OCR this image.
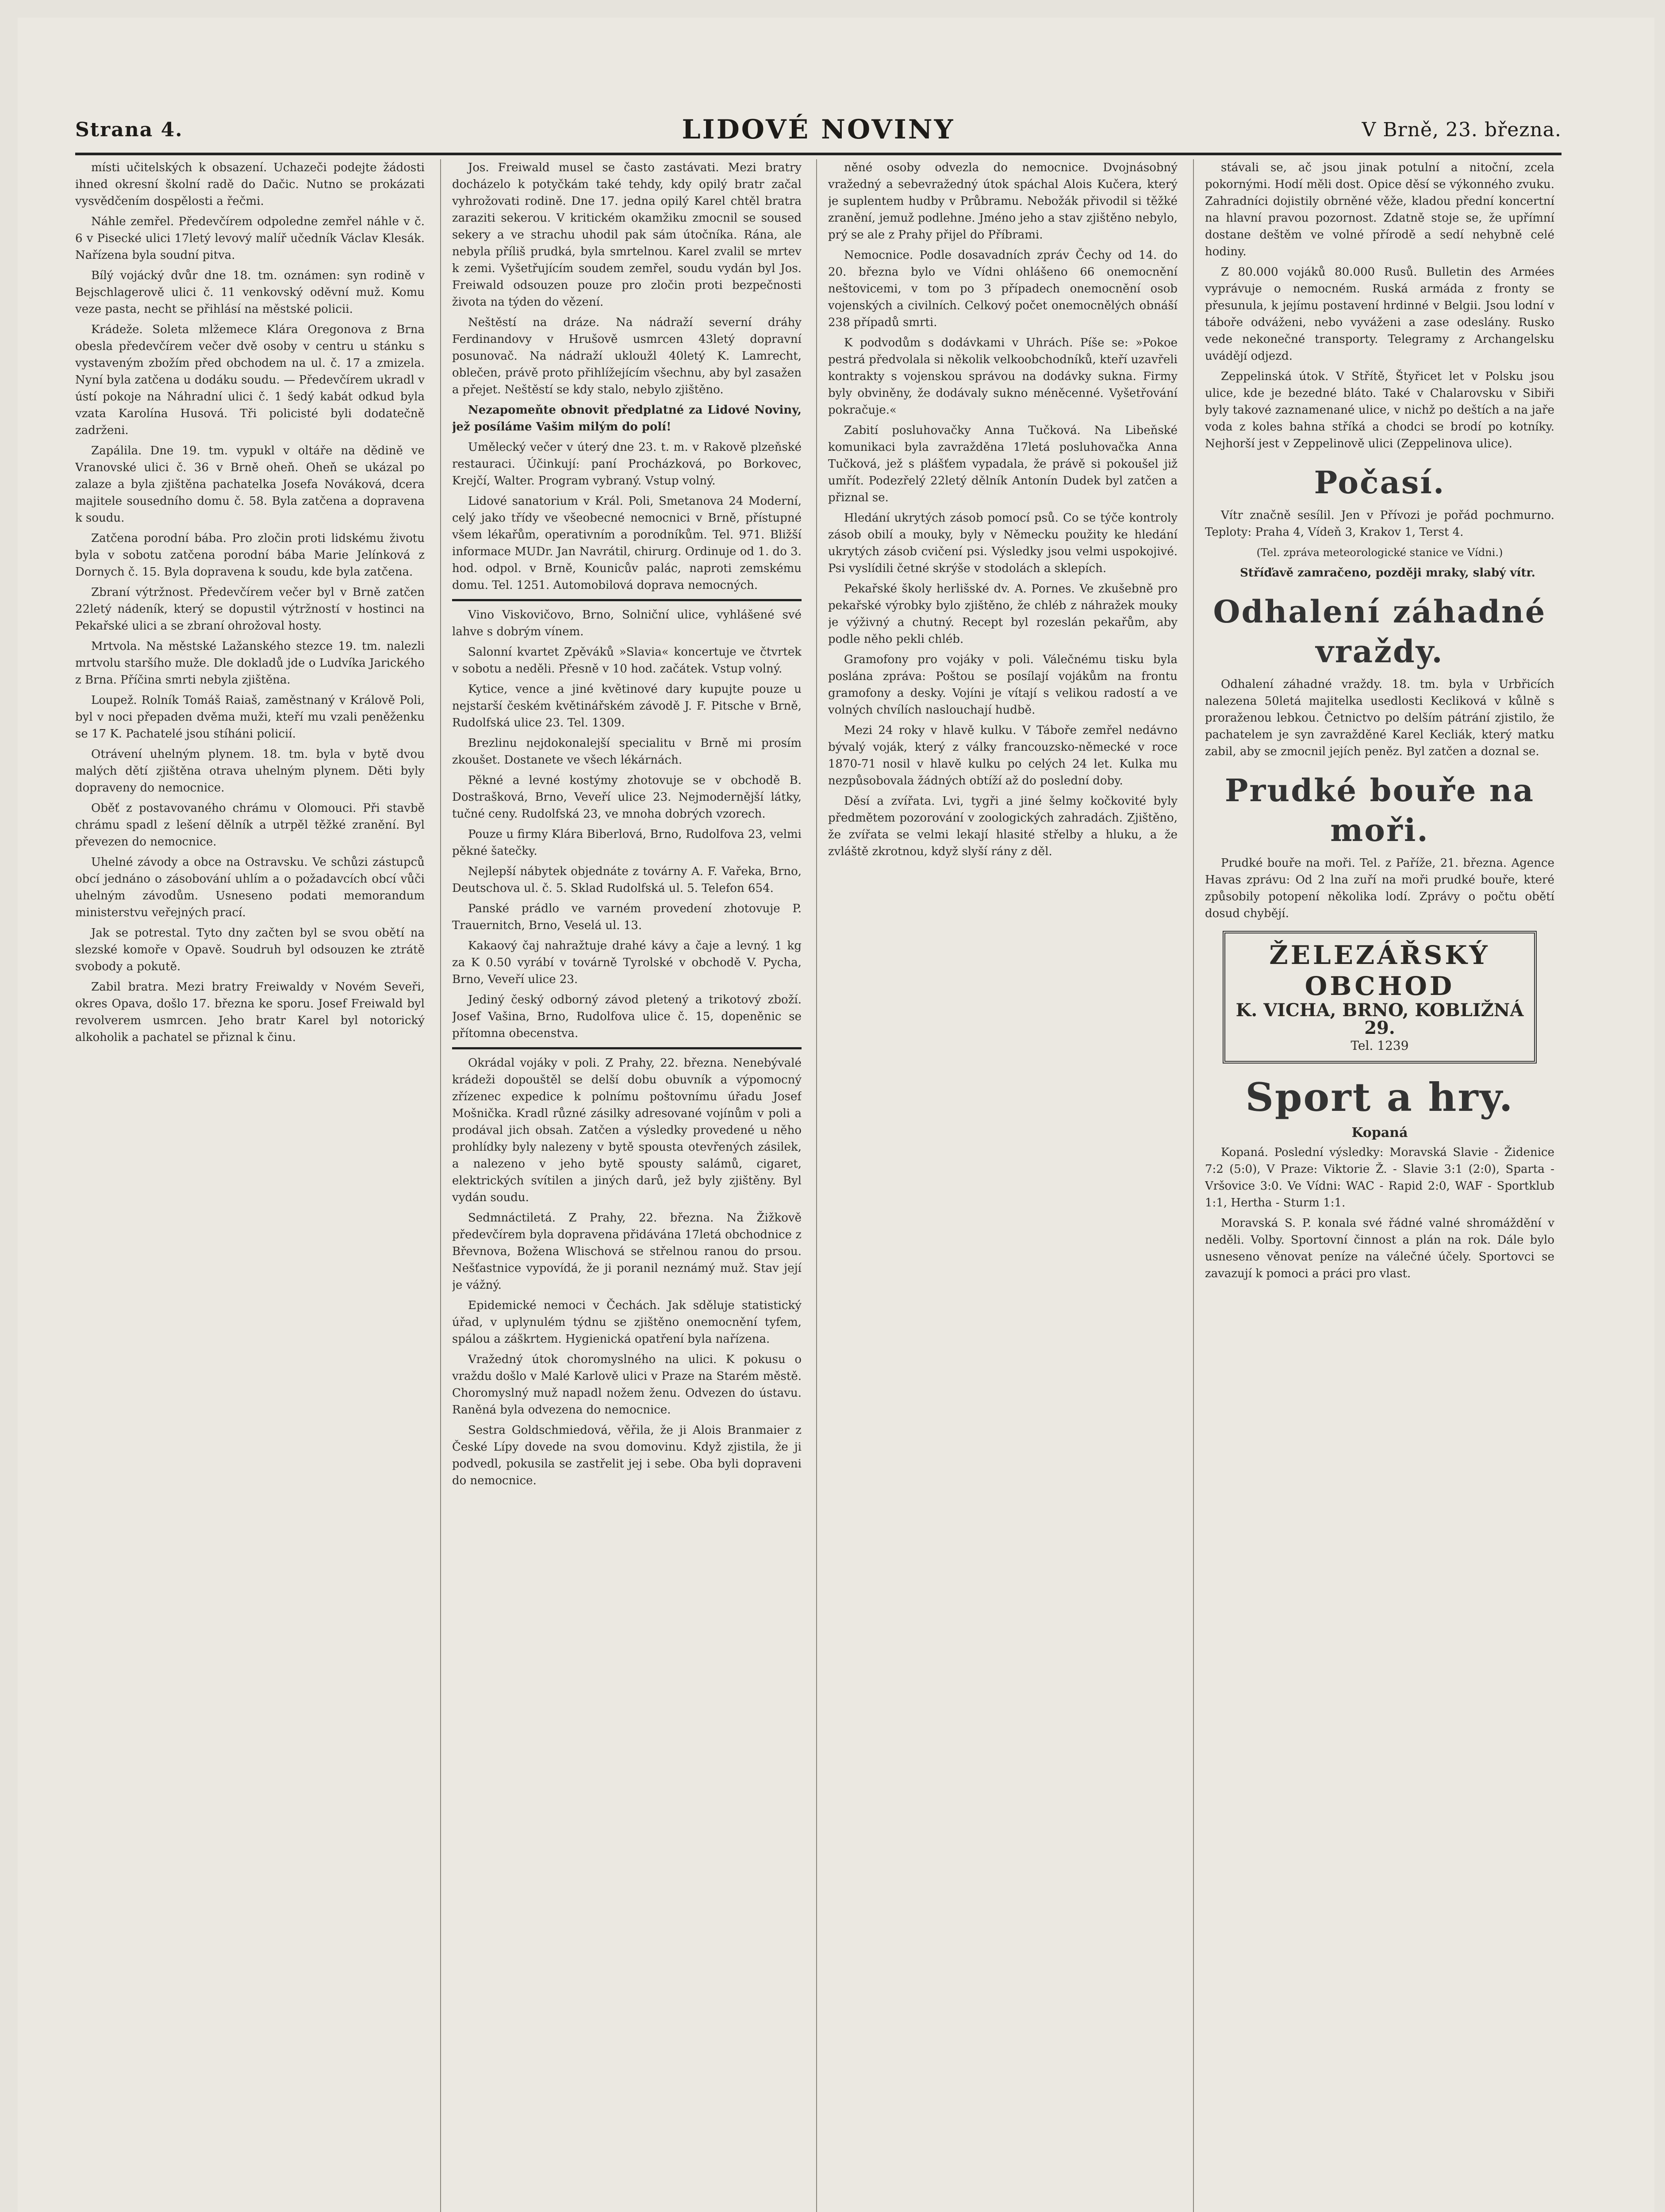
Strana 4.	LIDOVÉ NOVINY	V Brně, 23. března.

místi učitelských k obsazení. Uchazeči podejte žádosti ihned okresní školní radě do Dačic. Nutno se prokázati vysvědčením dospělosti a řečmi.

Náhle zemřel. Předevčírem odpoledne zemřel náhle v č. 6 v Pisecké ulici 17letý levový malíř učedník Václav Klesák. Nařízena byla soudní pitva.

Bílý vojácký dvůr dne 18. tm. oznámen: syn rodině v Bejschlagerově ulici č. 11 venkovský oděvní muž. Komu veze pasta, necht se přihlásí na městské policii.

Krádeže. Soleta mlžemece Klára Oregonova z Brna obesla předevčírem večer dvě osoby v centru u stánku s vystaveným zbožím před obchodem na ul. č. 17 a zmizela. Nyní byla zatčena u dodáku soudu. — Předevčírem ukradl v ústí pokoje na Náhradní ulici č. 1 šedý kabát odkud byla vzata Karolína Husová. Tři policisté byli dodatečně zadrženi.

Zapálila. Dne 19. tm. vypukl v oltáře na dědině ve Vranovské ulici č. 36 v Brně oheň. Oheň se ukázal po zalaze a byla zjištěna pachatelka Josefa Nováková, dcera majitele sousedního domu č. 58. Byla zatčena a dopravena k soudu.

Zatčena porodní bába. Pro zločin proti lidskému životu byla v sobotu zatčena porodní bába Marie Jelínková z Dornych č. 15. Byla dopravena k soudu, kde byla zatčena.

Zbraní výtržnost. Předevčírem večer byl v Brně zatčen 22letý nádeník, který se dopustil výtržností v hostinci na Pekařské ulici a se zbraní ohrožoval hosty.

Mrtvola. Na městské Lažanského stezce 19. tm. nalezli mrtvolu staršího muže. Dle dokladů jde o Ludvíka Jarického z Brna. Příčina smrti nebyla zjištěna.

Loupež. Rolník Tomáš Raiaš, zaměstnaný v Králově Poli, byl v noci přepaden dvěma muži, kteří mu vzali peněženku se 17 K. Pachatelé jsou stíháni policií.

Otrávení uhelným plynem. 18. tm. byla v bytě dvou malých dětí zjištěna otrava uhelným plynem. Děti byly dopraveny do nemocnice.

Oběť z postavovaného chrámu v Olomouci. Při stavbě chrámu spadl z lešení dělník a utrpěl těžké zranění. Byl převezen do nemocnice.

Uhelné závody a obce na Ostravsku. Ve schůzi zástupců obcí jednáno o zásobování uhlím a o požadavcích obcí vůči uhelným závodům. Usneseno podati memorandum ministerstvu veřejných prací.

Jak se potrestal. Tyto dny začten byl se svou obětí na slezské komoře v Opavě. Soudruh byl odsouzen ke ztrátě svobody a pokutě.

Zabil bratra. Mezi bratry Freiwaldy v Novém Seveři, okres Opava, došlo 17. března ke sporu. Josef Freiwald byl revolverem usmrcen. Jeho bratr Karel byl notorický alkoholik a pachatel se přiznal k činu.

Jos. Freiwald musel se často zastávati. Mezi bratry docházelo k potyčkám také tehdy, kdy opilý bratr začal vyhrožovati rodině. Dne 17. jedna opilý Karel chtěl bratra zaraziti sekerou. V kritickém okamžiku zmocnil se soused sekery a ve strachu uhodil pak sám útočníka. Rána, ale nebyla příliš prudká, byla smrtelnou. Karel zvalil se mrtev k zemi. Vyšetřujícím soudem zemřel, soudu vydán byl Jos. Freiwald odsouzen pouze pro zločin proti bezpečnosti života na týden do vězení.

Neštěstí na dráze. Na nádraží severní dráhy Ferdinandovy v Hrušově usmrcen 43letý dopravní posunovač. Na nádraží ukloužl 40letý K. Lamrecht, oblečen, právě proto přihlížejícím všechnu, aby byl zasažen a přejet. Neštěstí se kdy stalo, nebylo zjištěno.

Nezapomeňte obnovit předplatné za Lidové Noviny, jež posíláme Vašim milým do polí!

Umělecký večer v úterý dne 23. t. m. v Rakově plzeňské restauraci. Účinkují: paní Procházková, po Borkovec, Krejčí, Walter. Program vybraný. Vstup volný.

Lidové sanatorium v Král. Poli, Smetanova 24 Moderní, celý jako třídy ve všeobecné nemocnici v Brně, přístupné všem lékařům, operativním a porodníkům. Tel. 971. Bližší informace MUDr. Jan Navrátil, chirurg. Ordinuje od 1. do 3. hod. odpol. v Brně, Kounicův palác, naproti zemskému domu. Tel. 1251. Automobilová doprava nemocných.

Vino Viskovičovo, Brno, Solniční ulice, vyhlášené své lahve s dobrým vínem.

Salonní kvartet Zpěváků »Slavia« koncertuje ve čtvrtek v sobotu a neděli. Přesně v 10 hod. začátek. Vstup volný.

Kytice, vence a jiné květinové dary kupujte pouze u nejstarší českém květinářském závodě J. F. Pitsche v Brně, Rudolfská ulice 23. Tel. 1309.

Brezlinu nejdokonalejší specialitu v Brně mi prosím zkoušet. Dostanete ve všech lékárnách.

Pěkné a levné kostýmy zhotovuje se v obchodě B. Dostrašková, Brno, Veveří ulice 23. Nejmodernější látky, tučné ceny. Rudolfská 23, ve mnoha dobrých vzorech.

Pouze u firmy Klára Biberlová, Brno, Rudolfova 23, velmi pěkné šatečky.

Nejlepší nábytek objednáte z továrny A. F. Vařeka, Brno, Deutschova ul. č. 5. Sklad Rudolfská ul. 5. Telefon 654.

Panské prádlo ve varném provedení zhotovuje P. Trauernitch, Brno, Veselá ul. 13.

Kakaový čaj nahražtuje drahé kávy a čaje a levný. 1 kg za K 0.50 vyrábí v továrně Tyrolské v obchodě V. Pycha, Brno, Veveří ulice 23.

Jediný český odborný závod pletený a trikotový zboží. Josef Vašina, Brno, Rudolfova ulice č. 15, dopeněnic se přítomna obecenstva.

Okrádal vojáky v poli. Z Prahy, 22. března. Nenebývalé krádeži dopouštěl se delší dobu obuvník a výpomocný zřízenec expedice k polnímu poštovnímu úřadu Josef Mošnička. Kradl různé zásilky adresované vojínům v poli a prodával jich obsah. Zatčen a výsledky provedené u něho prohlídky byly nalezeny v bytě spousta otevřených zásilek, a nalezeno v jeho bytě spousty salámů, cigaret, elektrických svítilen a jiných darů, jež byly zjištěny. Byl vydán soudu.

Sedmnáctiletá. Z Prahy, 22. března. Na Žižkově předevčírem byla dopravena přidávána 17letá obchodnice z Břevnova, Božena Wlischová se střelnou ranou do prsou. Nešťastnice vypovídá, že ji poranil neznámý muž. Stav její je vážný.

Epidemické nemoci v Čechách. Jak sděluje statistický úřad, v uplynulém týdnu se zjištěno onemocnění tyfem, spálou a záškrtem. Hygienická opatření byla nařízena.

Vražedný útok choromyslného na ulici. K pokusu o vraždu došlo v Malé Karlově ulici v Praze na Starém městě. Choromyslný muž napadl nožem ženu. Odvezen do ústavu. Raněná byla odvezena do nemocnice.

Sestra Goldschmiedová, věřila, že ji Alois Branmaier z České Lípy dovede na svou domovinu. Když zjistila, že ji podvedl, pokusila se zastřelit jej i sebe. Oba byli dopraveni do nemocnice.

něné osoby odvezla do nemocnice. Dvojnásobný vražedný a sebevražedný útok spáchal Alois Kučera, který je suplentem hudby v Průbramu. Nebožák přivodil si těžké zranění, jemuž podlehne. Jméno jeho a stav zjištěno nebylo, prý se ale z Prahy přijel do Příbrami.

Nemocnice. Podle dosavadních zpráv Čechy od 14. do 20. března bylo ve Vídni ohlášeno 66 onemocnění neštovicemi, v tom po 3 případech onemocnění osob vojenských a civilních. Celkový počet onemocnělých obnáší 238 případů smrti.

K podvodům s dodávkami v Uhrách. Píše se: »Pokoe pestrá předvolala si několik velkoobchodníků, kteří uzavřeli kontrakty s vojenskou správou na dodávky sukna. Firmy byly obviněny, že dodávaly sukno méněcenné. Vyšetřování pokračuje.«

Zabití posluhovačky Anna Tučková. Na Libeňské komunikaci byla zavražděna 17letá posluhovačka Anna Tučková, jež s plášťem vypadala, že právě si pokoušel již umřít. Podezřelý 22letý dělník Antonín Dudek byl zatčen a přiznal se.

Hledání ukrytých zásob pomocí psů. Co se týče kontroly zásob obilí a mouky, byly v Německu použity ke hledání ukrytých zásob cvičení psi. Výsledky jsou velmi uspokojivé. Psi vyslídili četné skrýše v stodolách a sklepích.

Pekařské školy herlišské dv. A. Pornes. Ve zkušebně pro pekařské výrobky bylo zjištěno, že chléb z náhražek mouky je výživný a chutný. Recept byl rozeslán pekařům, aby podle něho pekli chléb.

Gramofony pro vojáky v poli. Válečnému tisku byla poslána zpráva: Poštou se posílají vojákům na frontu gramofony a desky. Vojíni je vítají s velikou radostí a ve volných chvílích naslouchají hudbě.

Mezi 24 roky v hlavě kulku. V Táboře zemřel nedávno bývalý voják, který z války francouzsko-německé v roce 1870-71 nosil v hlavě kulku po celých 24 let. Kulka mu nezpůsobovala žádných obtíží až do poslední doby.

Děsí a zvířata. Lvi, tygři a jiné šelmy kočkovité byly předmětem pozorování v zoologických zahradách. Zjištěno, že zvířata se velmi lekají hlasité střelby a hluku, a že zvláště zkrotnou, když slyší rány z děl.

stávali se, ač jsou jinak potulní a nitoční, zcela pokornými. Hodí měli dost. Opice děsí se výkonného zvuku. Zahradníci dojistily obrněné věže, kladou přední koncertní na hlavní pravou pozornost. Zdatně stoje se, že upřímní dostane deštěm ve volné přírodě a sedí nehybně celé hodiny.

Z 80.000 vojáků 80.000 Rusů. Bulletin des Armées vyprávuje o nemocném. Ruská armáda z fronty se přesunula, k jejímu postavení hrdinné v Belgii. Jsou lodní v táboře odváženi, nebo vyváženi a zase odeslány. Rusko vede nekonečné transporty. Telegramy z Archangelsku uvádějí odjezd.

Zeppelinská útok. V Střítě, Štyřicet let v Polsku jsou ulice, kde je bezedné bláto. Také v Chalarovsku v Sibiři byly takové zaznamenané ulice, v nichž po deštích a na jaře voda z koles bahna stříká a chodci se brodí po kotníky. Nejhorší jest v Zeppelinově ulici (Zeppelinova ulice).

Počasí.

Vítr značně sesílil. Jen v Přívozi je pořád pochmurno. Teploty: Praha 4, Vídeň 3, Krakov 1, Terst 4.

(Tel. zpráva meteorologické stanice ve Vídni.)

Stříďavě zamračeno, později mraky, slabý vítr.

Odhalení záhadné vraždy.

Odhalení záhadné vraždy. 18. tm. byla v Urbřicích nalezena 50letá majitelka usedlosti Kecliková v kůlně s proraženou lebkou. Četnictvo po delším pátrání zjistilo, že pachatelem je syn zavražděné Karel Kecliák, který matku zabil, aby se zmocnil jejích peněz. Byl zatčen a doznal se.

Prudké bouře na moři.

Prudké bouře na moři. Tel. z Paříže, 21. března. Agence Havas zprávu: Od 2 lna zuří na moři prudké bouře, které způsobily potopení několika lodí. Zprávy o počtu obětí dosud chybějí.

ŽELEZÁŘSKÝ OBCHOD
K. VICHA, BRNO, KOBLIŽNÁ 29.
Tel. 1239
Sport a hry.
Kopaná

Kopaná. Poslední výsledky: Moravská Slavie - Židenice 7:2 (5:0), V Praze: Viktorie Ž. - Slavie 3:1 (2:0), Sparta - Vršovice 3:0. Ve Vídni: WAC - Rapid 2:0, WAF - Sportklub 1:1, Hertha - Sturm 1:1.

Moravská S. P. konala své řádné valné shromáždění v neděli. Volby. Sportovní činnost a plán na rok. Dále bylo usneseno věnovat peníze na válečné účely. Sportovci se zavazují k pomoci a práci pro vlast.
